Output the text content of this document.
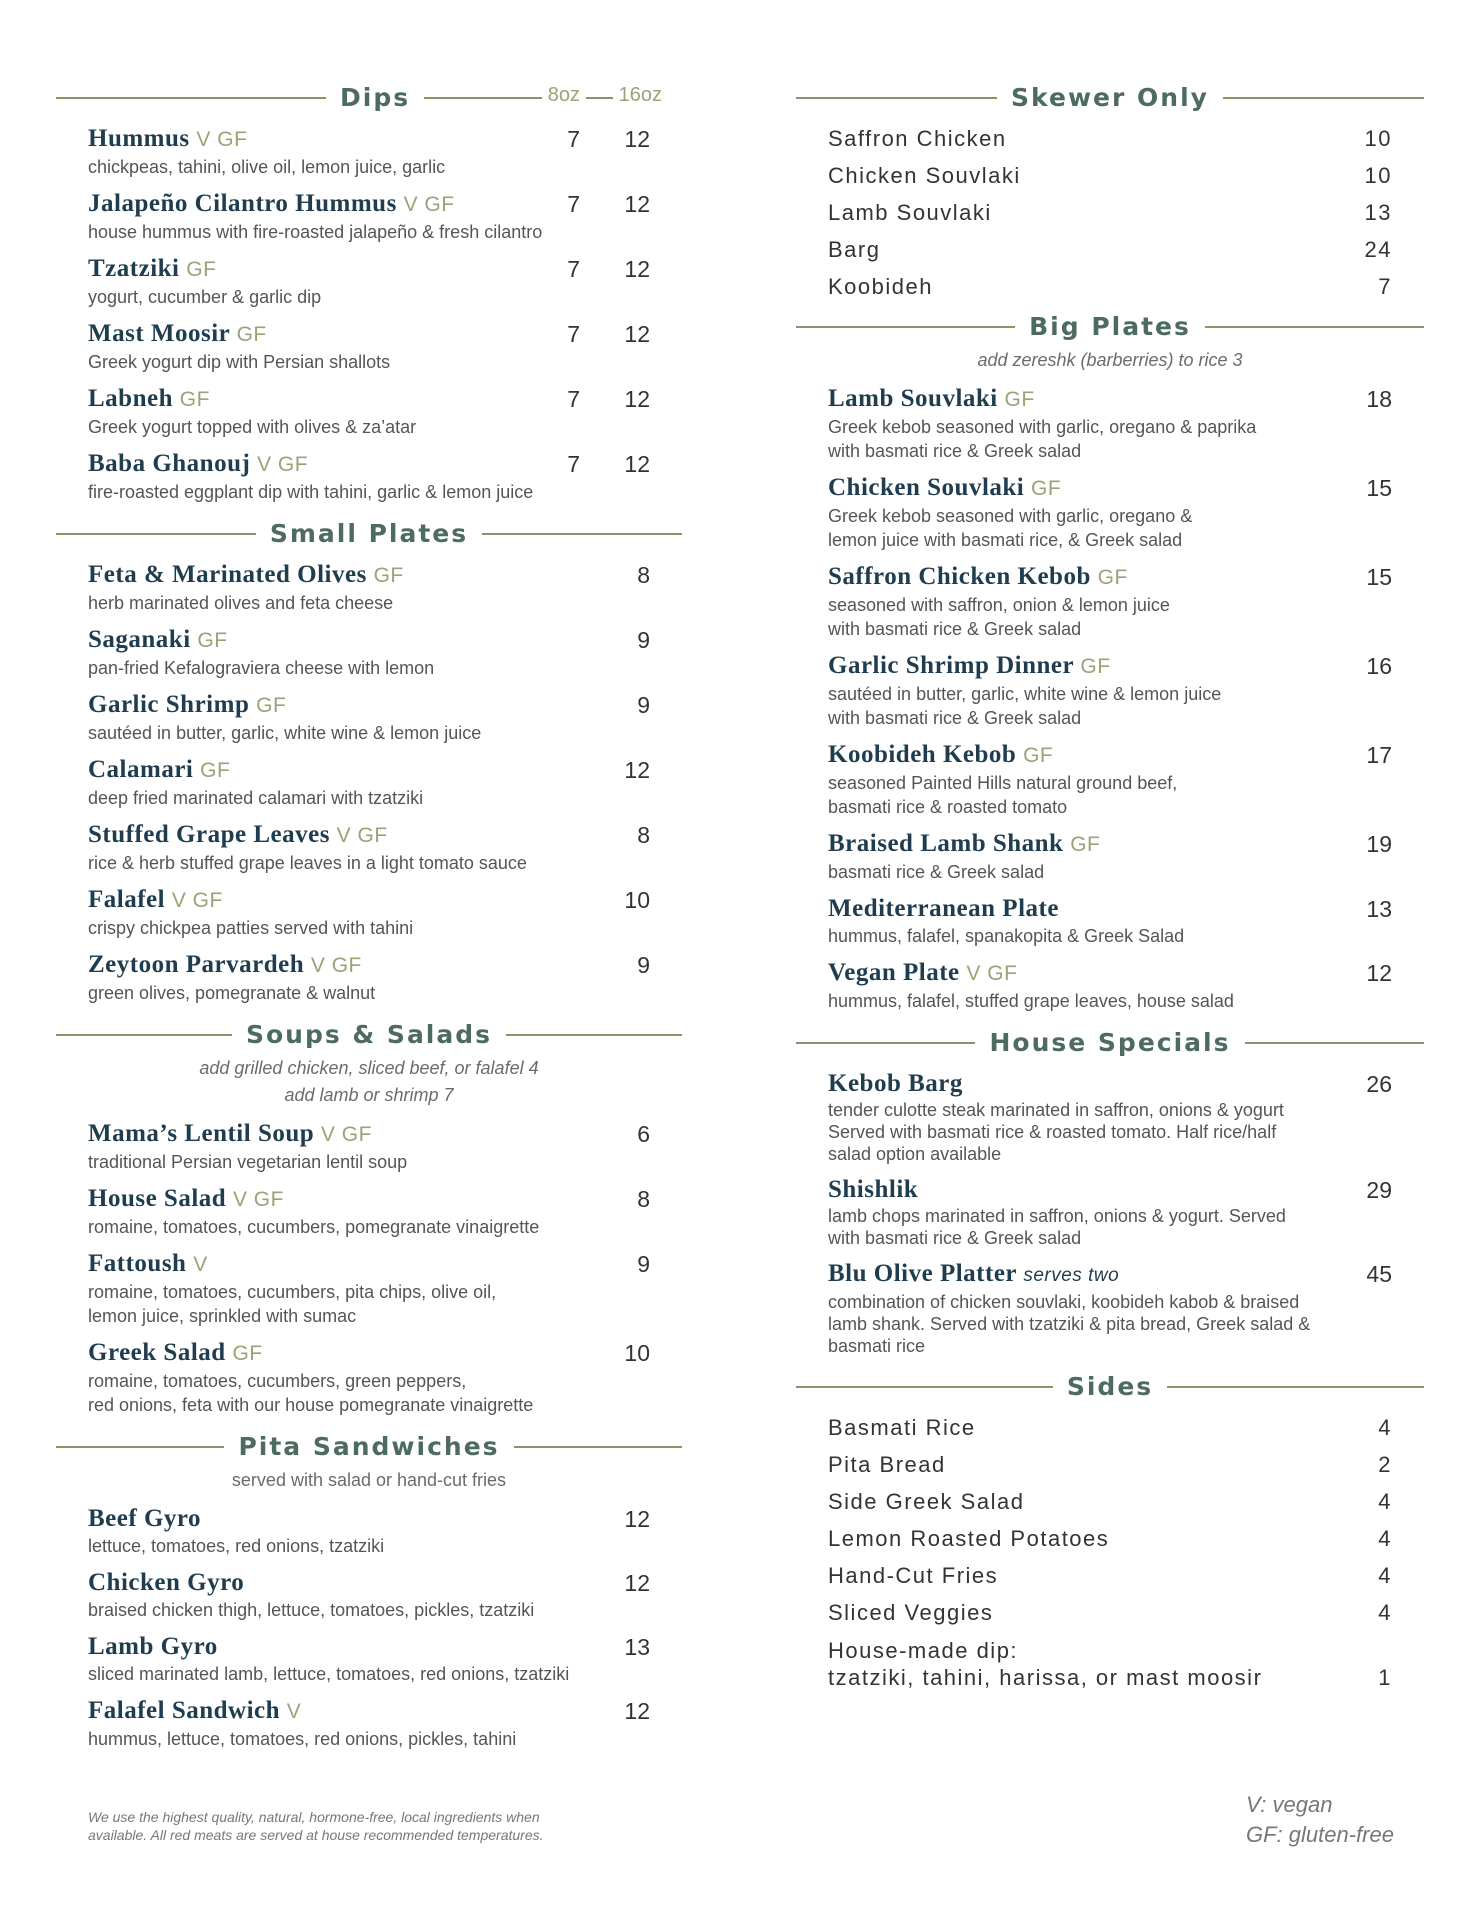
Dips	8oz	16oz
Hummus V GF
chickpeas, tahini, olive oil, lemon juice, garlic
7 12
Jalapeño Cilantro Hummus V GF
house hummus with fire-roasted jalapeño & fresh cilantro
7 12
Tzatziki GF
yogurt, cucumber & garlic dip
7 12
Mast Moosir GF
Greek yogurt dip with Persian shallots
7 12
Labneh GF
Greek yogurt topped with olives & za’atar
7 12
Baba Ghanouj V GF
fire-roasted eggplant dip with tahini, garlic & lemon juice
7 12
Small Plates
Feta & Marinated Olives GF
herb marinated olives and feta cheese
8
Saganaki GF
pan-fried Kefalograviera cheese with lemon
9
Garlic Shrimp GF
sautéed in butter, garlic, white wine & lemon juice
9
Calamari GF
deep fried marinated calamari with tzatziki
12
Stuffed Grape Leaves V GF
rice & herb stuffed grape leaves in a light tomato sauce
8
Falafel V GF
crispy chickpea patties served with tahini
10
Zeytoon Parvardeh V GF
green olives, pomegranate & walnut
9
Soups & Salads
add grilled chicken, sliced beef, or falafel 4
add lamb or shrimp 7
Mama’s Lentil Soup V GF
traditional Persian vegetarian lentil soup
6
House Salad V GF
romaine, tomatoes, cucumbers, pomegranate vinaigrette
8
Fattoush V
romaine, tomatoes, cucumbers, pita chips, olive oil,
lemon juice, sprinkled with sumac
9
Greek Salad GF
romaine, tomatoes, cucumbers, green peppers,
red onions, feta with our house pomegranate vinaigrette
10
Pita Sandwiches
served with salad or hand-cut fries
Beef Gyro
lettuce, tomatoes, red onions, tzatziki
12
Chicken Gyro
braised chicken thigh, lettuce, tomatoes, pickles, tzatziki
12
Lamb Gyro
sliced marinated lamb, lettuce, tomatoes, red onions, tzatziki
13
Falafel Sandwich V
hummus, lettuce, tomatoes, red onions, pickles, tahini
12
Skewer Only
Saffron Chicken	10
Chicken Souvlaki	10
Lamb Souvlaki	13
Barg	24
Koobideh	7
Big Plates
add zereshk (barberries) to rice 3
Lamb Souvlaki GF
Greek kebob seasoned with garlic, oregano & paprika
with basmati rice & Greek salad
18
Chicken Souvlaki GF
Greek kebob seasoned with garlic, oregano &
lemon juice with basmati rice, & Greek salad
15
Saffron Chicken Kebob GF
seasoned with saffron, onion & lemon juice
with basmati rice & Greek salad
15
Garlic Shrimp Dinner GF
sautéed in butter, garlic, white wine & lemon juice
with basmati rice & Greek salad
16
Koobideh Kebob GF
seasoned Painted Hills natural ground beef,
basmati rice & roasted tomato
17
Braised Lamb Shank GF
basmati rice & Greek salad
19
Mediterranean Plate
hummus, falafel, spanakopita & Greek Salad
13
Vegan Plate V GF
hummus, falafel, stuffed grape leaves, house salad
12
House Specials
Kebob Barg
tender culotte steak marinated in saffron, onions & yogurt
Served with basmati rice & roasted tomato. Half rice/half
salad option available
26
Shishlik
lamb chops marinated in saffron, onions & yogurt. Served
with basmati rice & Greek salad
29
Blu Olive Platter serves two
combination of chicken souvlaki, koobideh kabob & braised
lamb shank. Served with tzatziki & pita bread, Greek salad &
basmati rice
45
Sides
Basmati Rice	4
Pita Bread	2
Side Greek Salad	4
Lemon Roasted Potatoes	4
Hand-Cut Fries	4
Sliced Veggies	4
House-made dip:
tzatziki, tahini, harissa, or mast moosir	1
We use the highest quality, natural, hormone-free, local ingredients when
available. All red meats are served at house recommended temperatures.
V: vegan
GF: gluten-free
